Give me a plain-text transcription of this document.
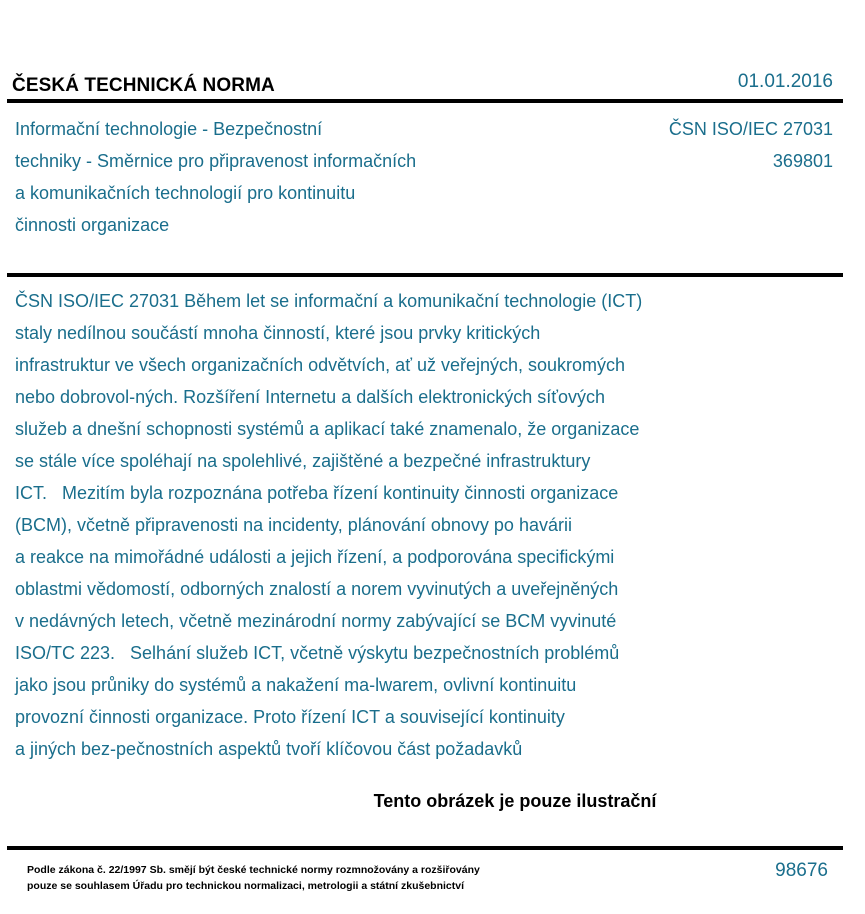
ČESKÁ TECHNICKÁ NORMA	01.01.2016
Informační technologie - Bezpečnostní
techniky - Směrnice pro připravenost informačních
a komunikačních technologií pro kontinuitu
činnosti organizace
ČSN ISO/IEC 27031
369801
ČSN ISO/IEC 27031 Během let se informační a komunikační technologie (ICT)
staly nedílnou součástí mnoha činností, které jsou prvky kritických
infrastruktur ve všech organizačních odvětvích, ať už veřejných, soukromých
nebo dobrovol-ných. Rozšíření Internetu a dalších elektronických síťových
služeb a dnešní schopnosti systémů a aplikací také znamenalo, že organizace
se stále více spoléhají na spolehlivé, zajištěné a bezpečné infrastruktury
ICT.   Mezitím byla rozpoznána potřeba řízení kontinuity činnosti organizace
(BCM), včetně připravenosti na incidenty, plánování obnovy po havárii
a reakce na mimořádné události a jejich řízení, a podporována specifickými
oblastmi vědomostí, odborných znalostí a norem vyvinutých a uveřejněných
v nedávných letech, včetně mezinárodní normy zabývající se BCM vyvinuté
ISO/TC 223.   Selhání služeb ICT, včetně výskytu bezpečnostních problémů
jako jsou průniky do systémů a nakažení ma-lwarem, ovlivní kontinuitu
provozní činnosti organizace. Proto řízení ICT a související kontinuity
a jiných bez-pečnostních aspektů tvoří klíčovou část požadavků
Tento obrázek je pouze ilustrační
Podle zákona č. 22/1997 Sb. smějí být české technické normy rozmnožovány a rozšiřovány
pouze se souhlasem Úřadu pro technickou normalizaci, metrologii a státní zkušebnictví
98676
